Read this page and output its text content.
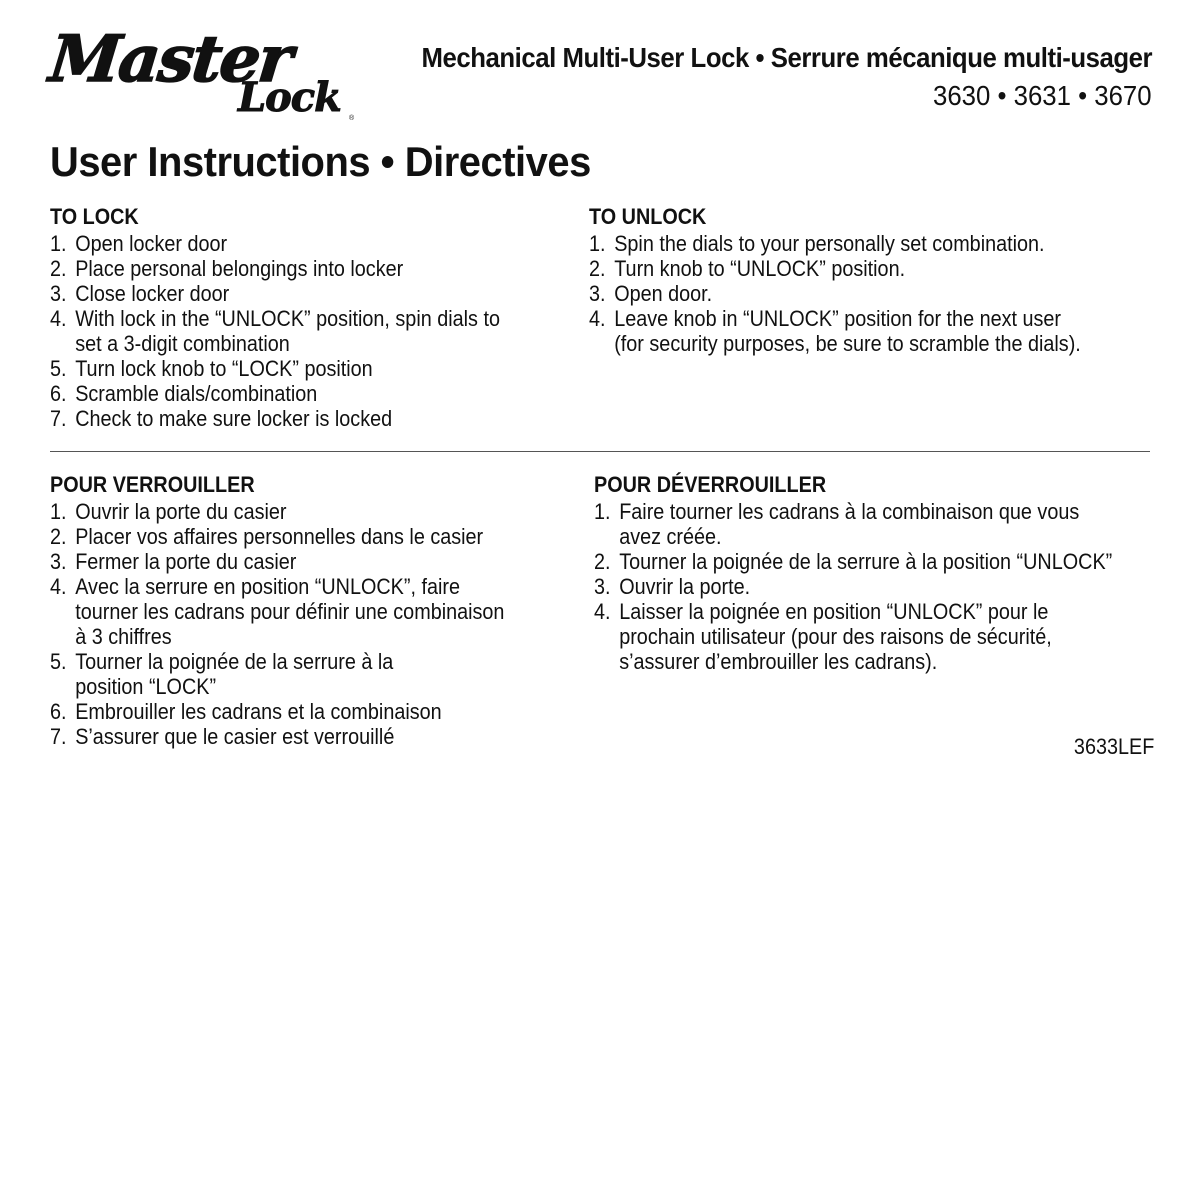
Master
Lock ®
Mechanical Multi-User Lock • Serrure mécanique multi-usager
3630 • 3631 • 3670
User Instructions • Directives
TO LOCK
1. Open locker door
2. Place personal belongings into locker
3. Close locker door
4. With lock in the “UNLOCK” position, spin dials to
set a 3-digit combination
5. Turn lock knob to “LOCK” position
6. Scramble dials/combination
7. Check to make sure locker is locked
TO UNLOCK
1. Spin the dials to your personally set combination.
2. Turn knob to “UNLOCK” position.
3. Open door.
4. Leave knob in “UNLOCK” position for the next user
(for security purposes, be sure to scramble the dials).
POUR VERROUILLER
1. Ouvrir la porte du casier
2. Placer vos affaires personnelles dans le casier
3. Fermer la porte du casier
4. Avec la serrure en position “UNLOCK”, faire
tourner les cadrans pour définir une combinaison
à 3 chiffres
5. Tourner la poignée de la serrure à la
position “LOCK”
6. Embrouiller les cadrans et la combinaison
7. S’assurer que le casier est verrouillé
POUR DÉVERROUILLER
1. Faire tourner les cadrans à la combinaison que vous
avez créée.
2. Tourner la poignée de la serrure à la position “UNLOCK”
3. Ouvrir la porte.
4. Laisser la poignée en position “UNLOCK” pour le
prochain utilisateur (pour des raisons de sécurité,
s’assurer d’embrouiller les cadrans).
3633LEF
